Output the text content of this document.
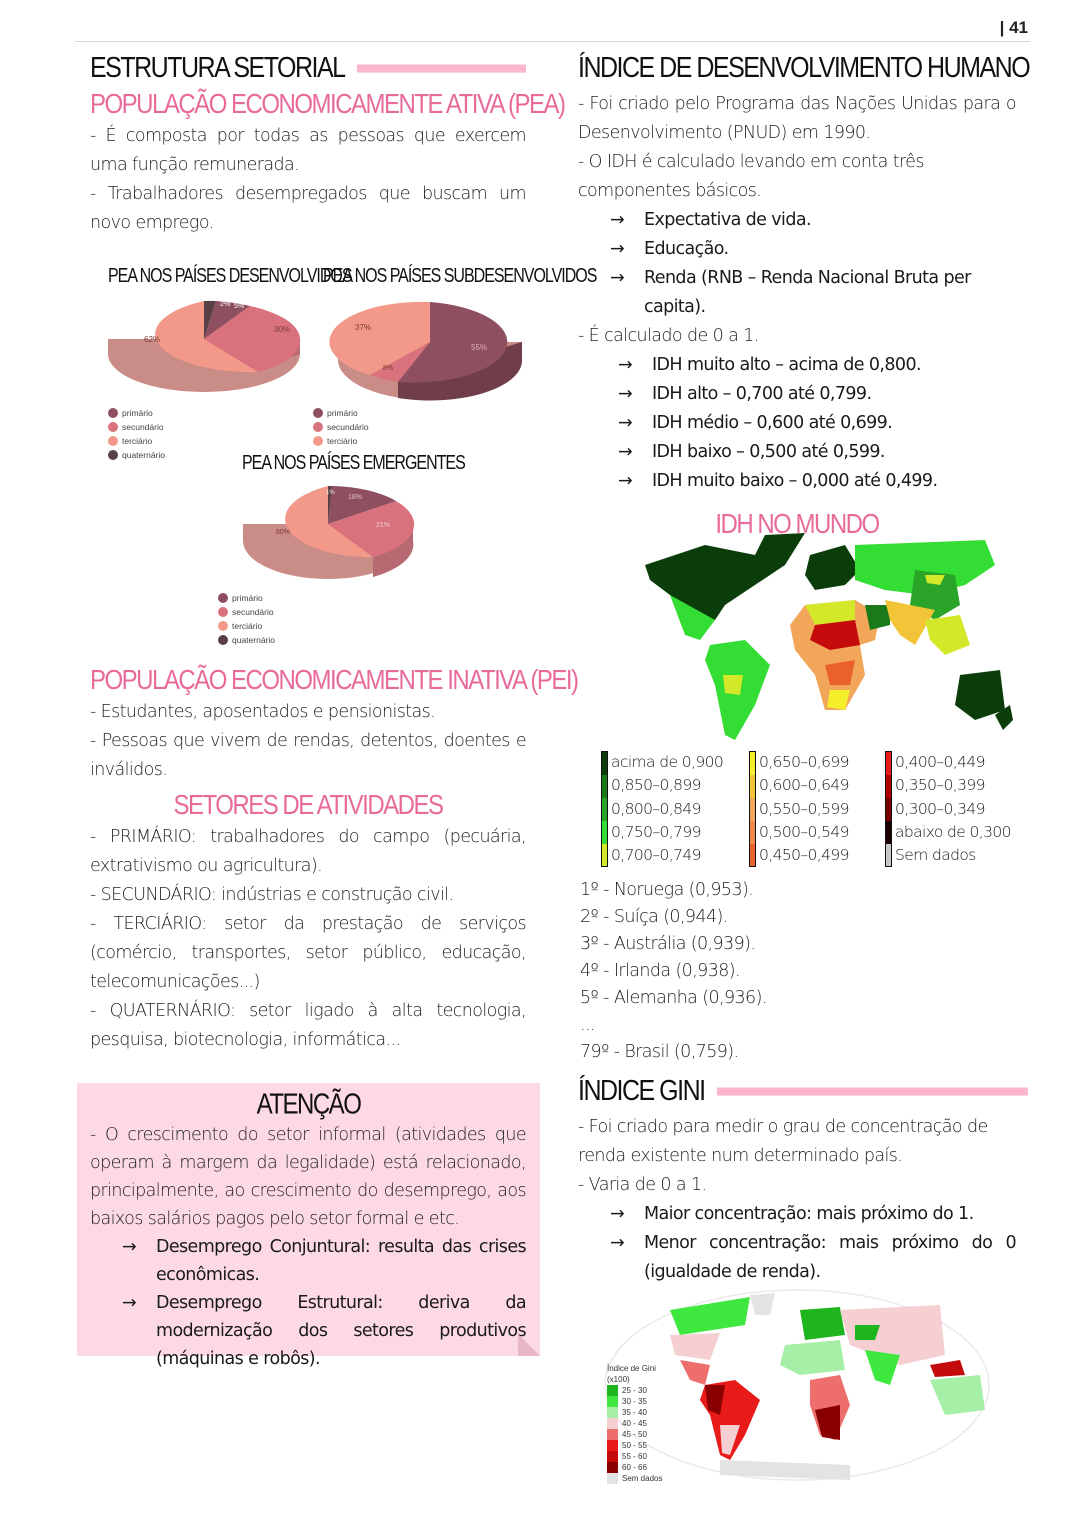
| 41
ESTRUTURA SETORIAL
POPULAÇÃO ECONOMICAMENTE ATIVA (PEA)
- É composta por todas as pessoas que exercem uma função remunerada.
- Trabalhadores desempregados que buscam um novo emprego.
PEA NOS PAÍSES DESENVOLVIDOS
62%
30%
5%
2%
primário
secundário
terciário
quaternário
PEA NOS PAÍSES SUBDESENVOLVIDOS
37%
8%
55%
primário
secundário
terciário
PEA NOS PAÍSES EMERGENTES
60%
21%
18%
1%
primário
secundário
terciário
quaternário
POPULAÇÃO ECONOMICAMENTE INATIVA (PEI)
- Estudantes, aposentados e pensionistas.
- Pessoas que vivem de rendas, detentos, doentes e inválidos.
SETORES DE ATIVIDADES
- PRIMÁRIO: trabalhadores do campo (pecuária, extrativismo ou agricultura).
- SECUNDÁRIO: indústrias e construção civil.
- TERCIÁRIO: setor da prestação de serviços (comércio, transportes, setor público, educação, telecomunicações...)
- QUATERNÁRIO: setor ligado à alta tecnologia, pesquisa, biotecnologia, informática...
ATENÇÃO
- O crescimento do setor informal (atividades que operam à margem da legalidade) está relacionado, principalmente, ao crescimento do desemprego, aos baixos salários pagos pelo setor formal e etc.
→	Desemprego Conjuntural: resulta das crises econômicas.
→	Desemprego Estrutural: deriva da modernização dos setores produtivos (máquinas e robôs).
ÍNDICE DE DESENVOLVIMENTO HUMANO
- Foi criado pelo Programa das Nações Unidas para o Desenvolvimento (PNUD) em 1990.
- O IDH é calculado levando em conta três componentes básicos.
→	Expectativa de vida.
→	Educação.
→	Renda (RNB – Renda Nacional Bruta per capita).
- É calculado de 0 a 1.
→	IDH muito alto – acima de 0,800.
→	IDH alto – 0,700 até 0,799.
→	IDH médio – 0,600 até 0,699.
→	IDH baixo – 0,500 até 0,599.
→	IDH muito baixo – 0,000 até 0,499.
IDH NO MUNDO
acima de 0,900
0,850–0,899
0,800–0,849
0,750–0,799
0,700–0,749
0,650–0,699
0,600–0,649
0,550–0,599
0,500–0,549
0,450–0,499
0,400–0,449
0,350–0,399
0,300–0,349
abaixo de 0,300
Sem dados
1º - Noruega (0,953).
2º - Suíça (0,944).
3º - Austrália (0,939).
4º - Irlanda (0,938).
5º - Alemanha (0,936).
...
79º - Brasil (0,759).
ÍNDICE GINI
- Foi criado para medir o grau de concentração de renda existente num determinado país.
- Varia de 0 a 1.
→	Maior concentração: mais próximo do 1.
→	Menor concentração: mais próximo do 0 (igualdade de renda).
Índice de Gini
(x100)
25 - 30
30 - 35
35 - 40
40 - 45
45 - 50
50 - 55
55 - 60
60 - 66
Sem dados
